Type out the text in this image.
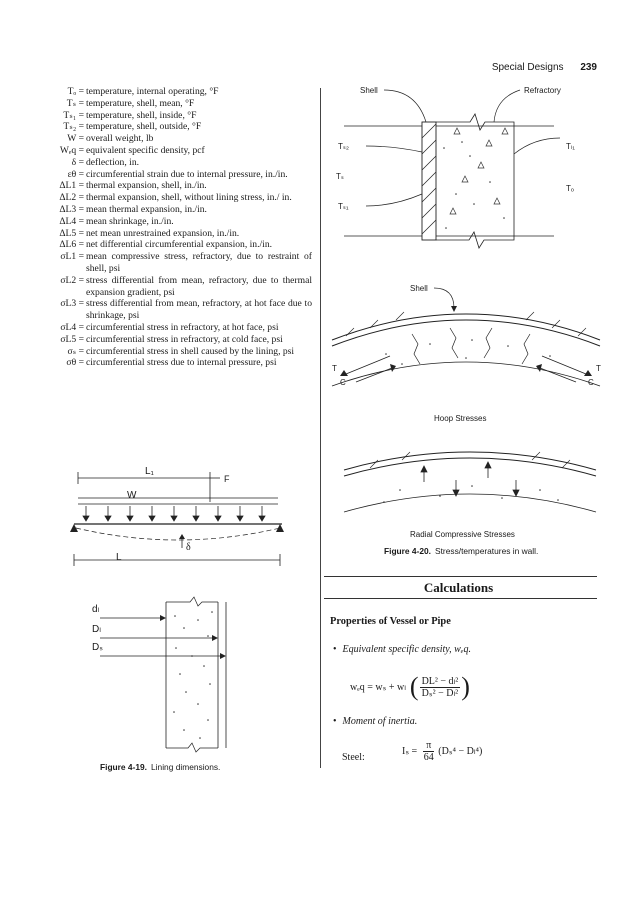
Special Designs 239
Tₒ = temperature, internal operating, °F
Tₛ = temperature, shell, mean, °F
Tₛ₁ = temperature, shell, inside, °F
Tₛ₂ = temperature, shell, outside, °F
W = overall weight, lb
Wₑq = equivalent specific density, pcf
δ = deflection, in.
εθ = circumferential strain due to internal pressure, in./in.
ΔL1 = thermal expansion, shell, in./in.
ΔL2 = thermal expansion, shell, without lining stress, in./ in.
ΔL3 = mean thermal expansion, in./in.
ΔL4 = mean shrinkage, in./in.
ΔL5 = net mean unrestrained expansion, in./in.
ΔL6 = net differential circumferential expansion, in./in.
σL1 = mean compressive stress, refractory, due to restraint of shell, psi
σL2 = stress differential from mean, refractory, due to thermal expansion gradient, psi
σL3 = stress differential from mean, refractory, at hot face due to shrinkage, psi
σL4 = circumferential stress in refractory, at hot face, psi
σL5 = circumferential stress in refractory, at cold face, psi
σₛ = circumferential stress in shell caused by the lining, psi
σθ = circumferential stress due to internal pressure, psi
L₁
F
W
δ
L
dₗ
Dₗ
Dₛ
Figure 4-19. Lining dimensions.
Shell	Refractory
Tₛ₂
Tₛ
Tₛ₁
Tₗ₁
Tₒ
Shell
T
C
T
C
Hoop Stresses
Radial Compressive Stresses
Figure 4-20. Stress/temperatures in wall.
Calculations
Properties of Vessel or Pipe
• Equivalent specific density, wₑq.
wₑq = wₛ + wₗ ( $\frac{\text{DL² − dₗ²}}{\text{Dₛ² − Dₗ²}}$ )
• Moment of inertia.
Steel:
$I_s = \frac{\pi}{64} (D_s^4 - D_l^4)$
